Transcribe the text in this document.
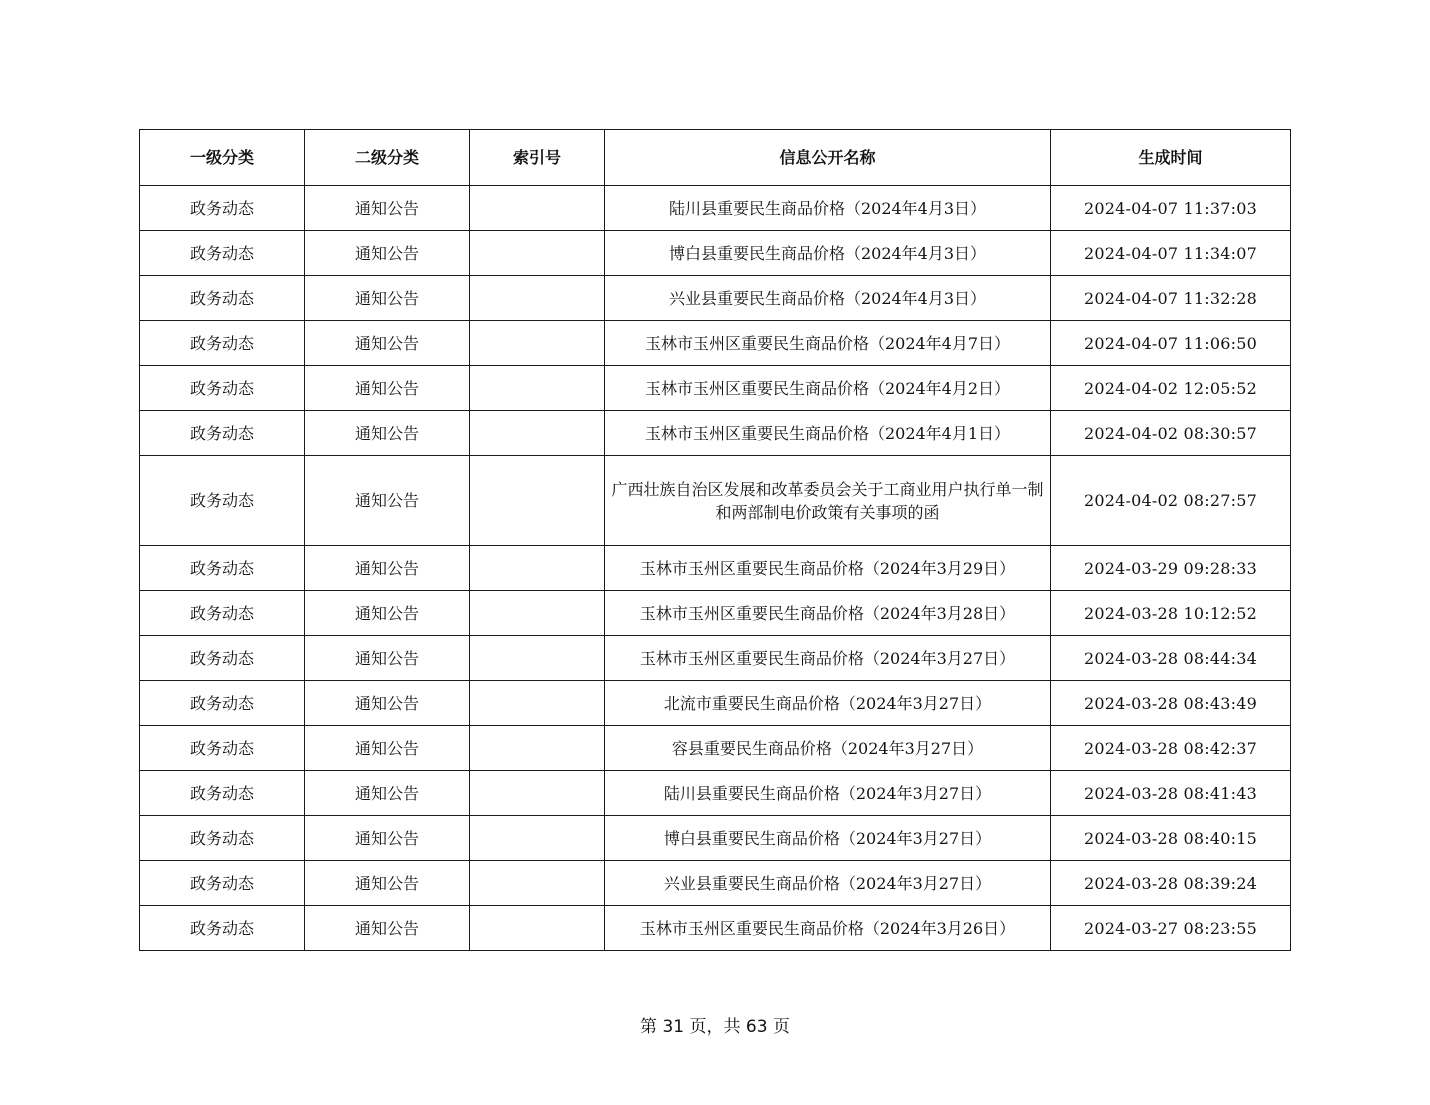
一级分类	二级分类	索引号	信息公开名称	生成时间
政务动态	通知公告		陆川县重要民生商品价格（2024年4月3日）	2024-04-07 11:37:03
政务动态	通知公告		博白县重要民生商品价格（2024年4月3日）	2024-04-07 11:34:07
政务动态	通知公告		兴业县重要民生商品价格（2024年4月3日）	2024-04-07 11:32:28
政务动态	通知公告		玉林市玉州区重要民生商品价格（2024年4月7日）	2024-04-07 11:06:50
政务动态	通知公告		玉林市玉州区重要民生商品价格（2024年4月2日）	2024-04-02 12:05:52
政务动态	通知公告		玉林市玉州区重要民生商品价格（2024年4月1日）	2024-04-02 08:30:57
政务动态	通知公告		广西壮族自治区发展和改革委员会关于工商业用户执行单一制和两部制电价政策有关事项的函	2024-04-02 08:27:57
政务动态	通知公告		玉林市玉州区重要民生商品价格（2024年3月29日）	2024-03-29 09:28:33
政务动态	通知公告		玉林市玉州区重要民生商品价格（2024年3月28日）	2024-03-28 10:12:52
政务动态	通知公告		玉林市玉州区重要民生商品价格（2024年3月27日）	2024-03-28 08:44:34
政务动态	通知公告		北流市重要民生商品价格（2024年3月27日）	2024-03-28 08:43:49
政务动态	通知公告		容县重要民生商品价格（2024年3月27日）	2024-03-28 08:42:37
政务动态	通知公告		陆川县重要民生商品价格（2024年3月27日）	2024-03-28 08:41:43
政务动态	通知公告		博白县重要民生商品价格（2024年3月27日）	2024-03-28 08:40:15
政务动态	通知公告		兴业县重要民生商品价格（2024年3月27日）	2024-03-28 08:39:24
政务动态	通知公告		玉林市玉州区重要民生商品价格（2024年3月26日）	2024-03-27 08:23:55
第 31 页，共 63 页
